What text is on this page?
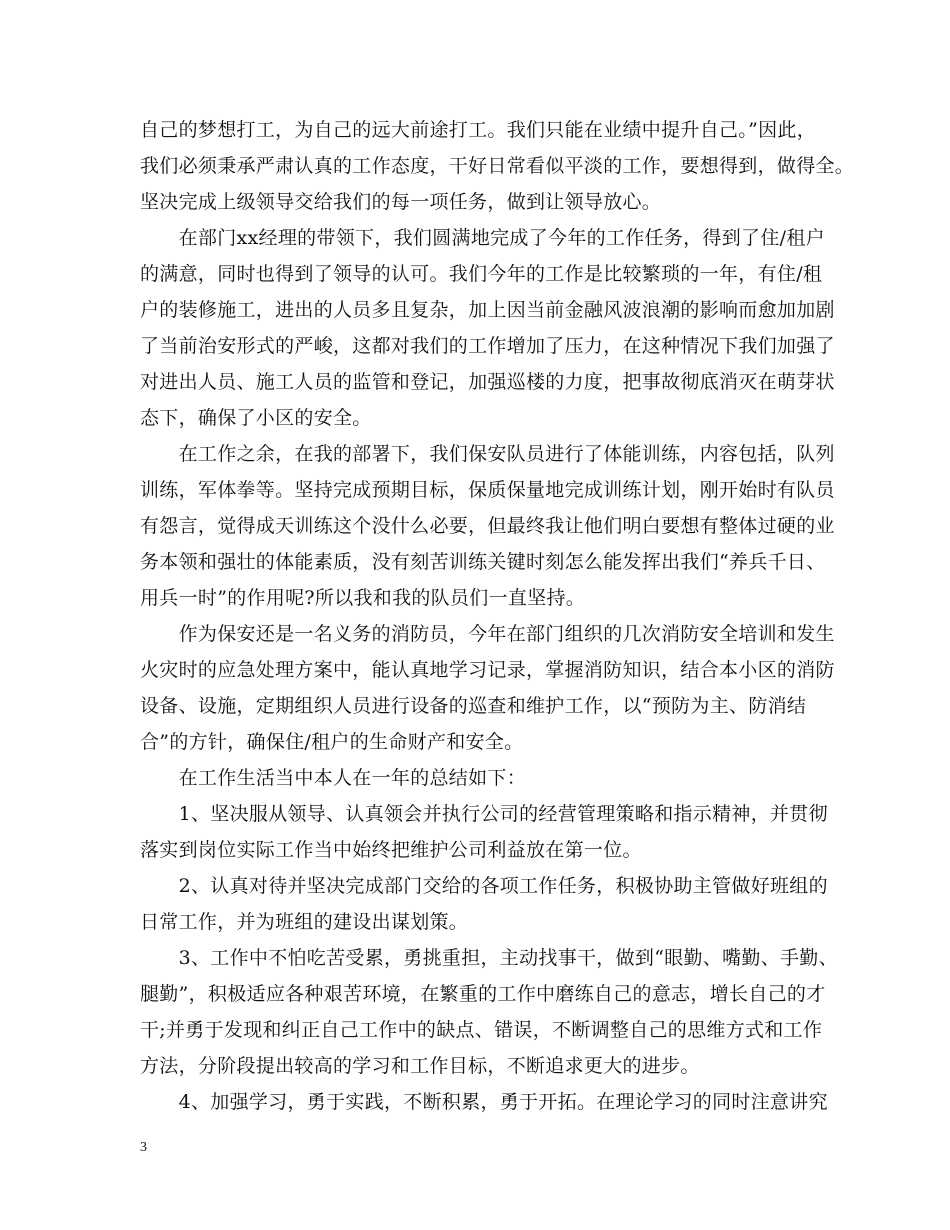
自己的梦想打工，为自己的远大前途打工。我们只能在业绩中提升自己。”因此，
我们必须秉承严肃认真的工作态度，干好日常看似平淡的工作，要想得到，做得全。
坚决完成上级领导交给我们的每一项任务，做到让领导放心。
　　在部门xx经理的带领下，我们圆满地完成了今年的工作任务，得到了住/租户
的满意，同时也得到了领导的认可。我们今年的工作是比较繁琐的一年，有住/租
户的装修施工，进出的人员多且复杂，加上因当前金融风波浪潮的影响而愈加加剧
了当前治安形式的严峻，这都对我们的工作增加了压力，在这种情况下我们加强了
对进出人员、施工人员的监管和登记，加强巡楼的力度，把事故彻底消灭在萌芽状
态下，确保了小区的安全。
　　在工作之余，在我的部署下，我们保安队员进行了体能训练，内容包括，队列
训练，军体拳等。坚持完成预期目标，保质保量地完成训练计划，刚开始时有队员
有怨言，觉得成天训练这个没什么必要，但最终我让他们明白要想有整体过硬的业
务本领和强壮的体能素质，没有刻苦训练关键时刻怎么能发挥出我们“养兵千日、
用兵一时”的作用呢?所以我和我的队员们一直坚持。
　　作为保安还是一名义务的消防员，今年在部门组织的几次消防安全培训和发生
火灾时的应急处理方案中，能认真地学习记录，掌握消防知识，结合本小区的消防
设备、设施，定期组织人员进行设备的巡查和维护工作，以“预防为主、防消结
合”的方针，确保住/租户的生命财产和安全。
　　在工作生活当中本人在一年的总结如下：
　　1、坚决服从领导、认真领会并执行公司的经营管理策略和指示精神，并贯彻
落实到岗位实际工作当中始终把维护公司利益放在第一位。
　　2、认真对待并坚决完成部门交给的各项工作任务，积极协助主管做好班组的
日常工作，并为班组的建设出谋划策。
　　3、工作中不怕吃苦受累，勇挑重担，主动找事干，做到“眼勤、嘴勤、手勤、
腿勤”，积极适应各种艰苦环境，在繁重的工作中磨练自己的意志，增长自己的才
干;并勇于发现和纠正自己工作中的缺点、错误，不断调整自己的思维方式和工作
方法，分阶段提出较高的学习和工作目标，不断追求更大的进步。
　　4、加强学习，勇于实践，不断积累，勇于开拓。在理论学习的同时注意讲究
3
